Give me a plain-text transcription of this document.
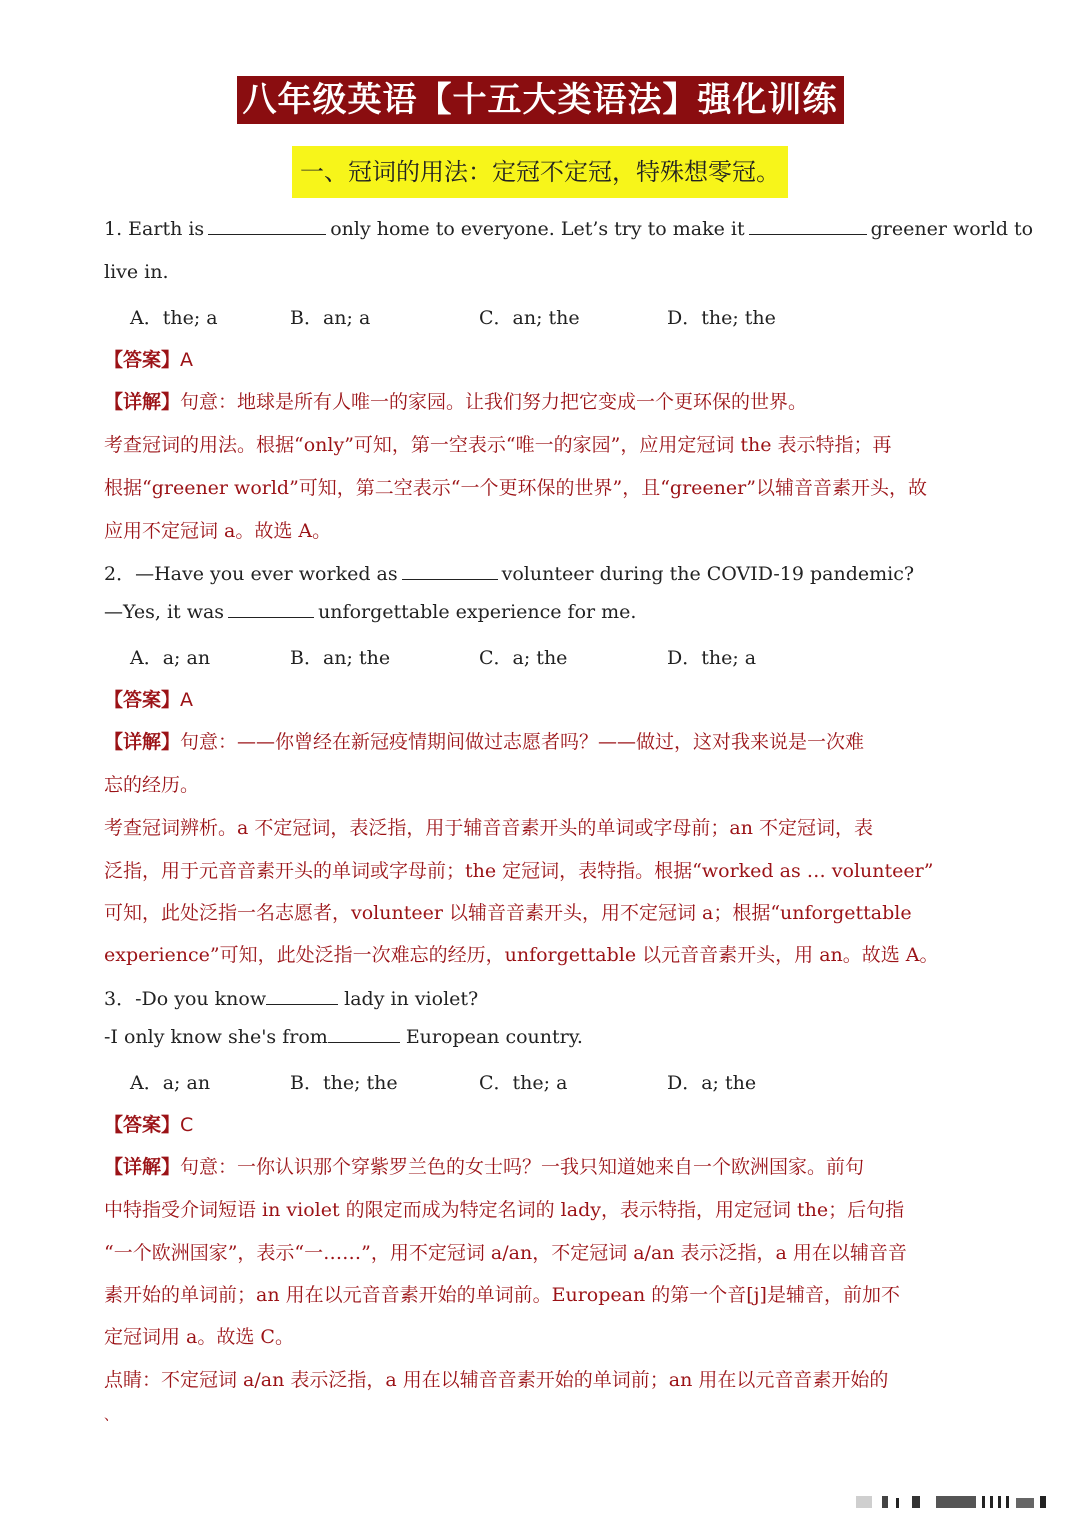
八年级英语【十五大类语法】强化训练
一、冠词的用法：定冠不定冠，特殊想零冠。
1. Earth is	only home to everyone. Let’s try to make it	greener world to
live in.
A．the; a	B．an; a	C．an; the	D．the; the
【答案】A
【详解】句意：地球是所有人唯一的家园。让我们努力把它变成一个更环保的世界。
考查冠词的用法。根据“only”可知，第一空表示“唯一的家园”，应用定冠词 the 表示特指；再
根据“greener world”可知，第二空表示“一个更环保的世界”，且“greener”以辅音音素开头，故
应用不定冠词 a。故选 A。
2．—Have you ever worked as	volunteer during the COVID-19 pandemic?
—Yes, it was	unforgettable experience for me.
A．a; an	B．an; the	C．a; the	D．the; a
【答案】A
【详解】句意：——你曾经在新冠疫情期间做过志愿者吗？——做过，这对我来说是一次难
忘的经历。
考查冠词辨析。a 不定冠词，表泛指，用于辅音音素开头的单词或字母前；an 不定冠词，表
泛指，用于元音音素开头的单词或字母前；the 定冠词，表特指。根据“worked as … volunteer”
可知，此处泛指一名志愿者，volunteer 以辅音音素开头，用不定冠词 a；根据“unforgettable
experience”可知，此处泛指一次难忘的经历，unforgettable 以元音音素开头，用 an。故选 A。
3．-Do you know	lady in violet?
-I only know she's from	European country.
A．a; an	B．the; the	C．the; a	D．a; the
【答案】C
【详解】句意：一你认识那个穿紫罗兰色的女士吗？一我只知道她来自一个欧洲国家。前句
中特指受介词短语 in violet 的限定而成为特定名词的 lady，表示特指，用定冠词 the；后句指
“一个欧洲国家”，表示“一……”，用不定冠词 a/an，不定冠词 a/an 表示泛指，a 用在以辅音音
素开始的单词前；an 用在以元音音素开始的单词前。European 的第一个音[j]是辅音，前加不
定冠词用 a。故选 C。
点睛：不定冠词 a/an 表示泛指，a 用在以辅音音素开始的单词前；an 用在以元音音素开始的
、
